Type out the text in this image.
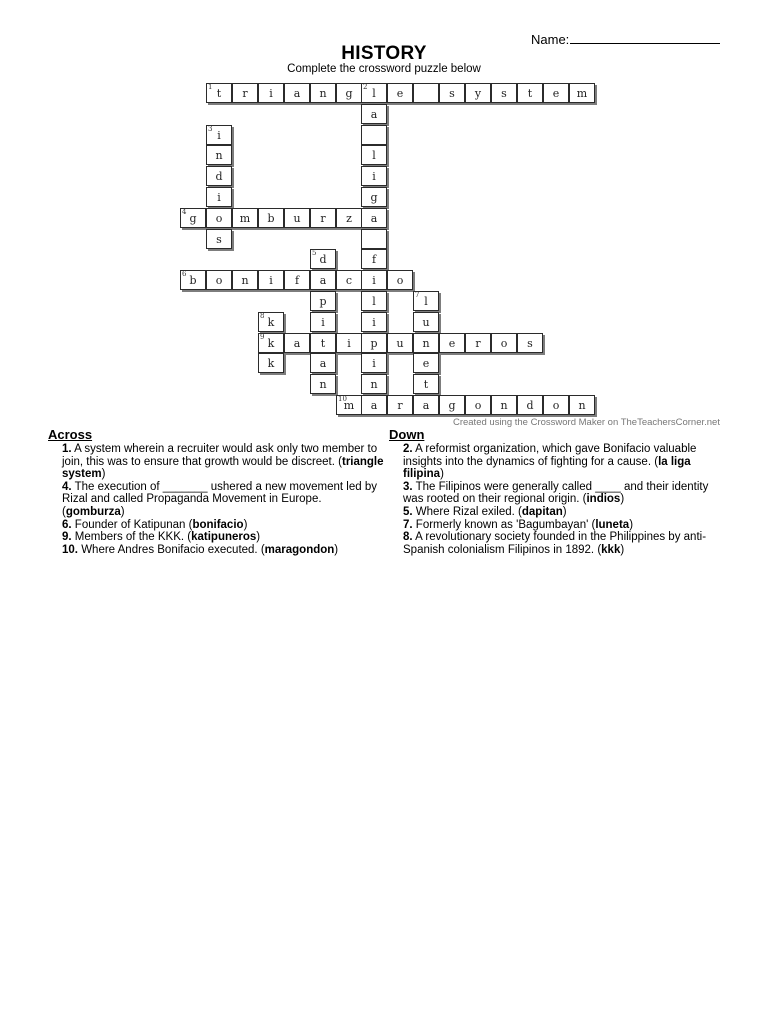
Name:
HISTORY
Complete the crossword puzzle below
1 t	r	i	a	n	g	2 l	e	s	y	s	t	e	m
a
3 i
n	l
d	i
i	g
4 g	o	m	b	u	r	z	a
s
5 d	f
6 b	o	n	i	f	a	c	i	o
p	l	7 l
8 k	i	i	u
9 k	a	t	i	p	u	n	e	r	o	s
k	a	i	e
n	n	t
10
m	a	r	a	g	o	n	d	o	n
Created using the Crossword Maker on TheTeachersCorner.net
Across
1. A system wherein a recruiter would ask only two member to join, this was to ensure that growth would be discreet. (triangle system)
4. The execution of _______ ushered a new movement led by Rizal and called Propaganda Movement in Europe. (gomburza)
6. Founder of Katipunan (bonifacio)
9. Members of the KKK. (katipuneros)
10. Where Andres Bonifacio executed. (maragondon)
Down
2. A reformist organization, which gave Bonifacio valuable insights into the dynamics of fighting for a cause. (la liga filipina)
3. The Filipinos were generally called ____ and their identity was rooted on their regional origin. (indios)
5. Where Rizal exiled. (dapitan)
7. Formerly known as 'Bagumbayan' (luneta)
8. A revolutionary society founded in the Philippines by anti-Spanish colonialism Filipinos in 1892. (kkk)
